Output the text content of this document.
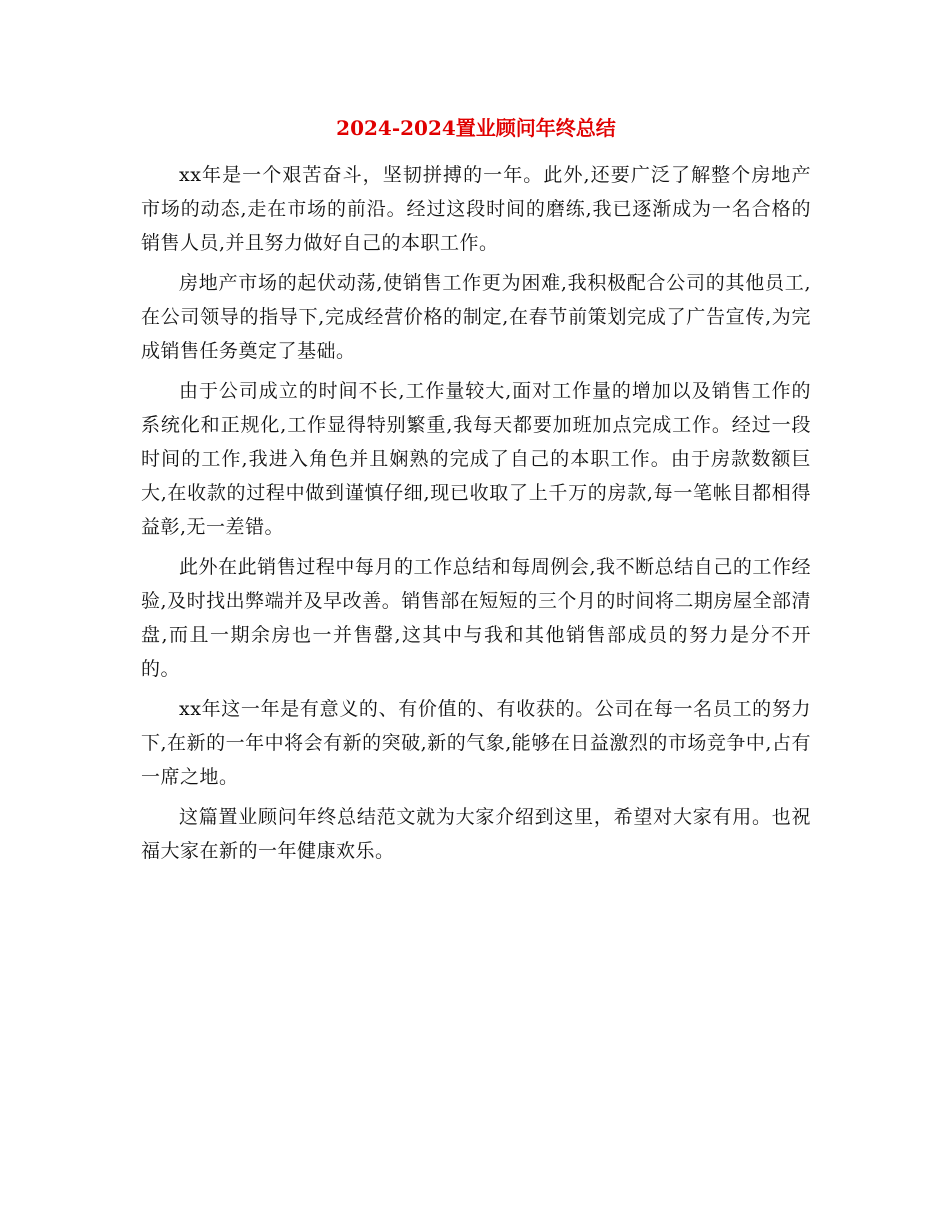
2024-2024置业顾问年终总结

xx年是一个艰苦奋斗，坚韧拼搏的一年。此外,还要广泛了解整个房地产市场的动态,走在市场的前沿。经过这段时间的磨练,我已逐渐成为一名合格的销售人员,并且努力做好自己的本职工作。

房地产市场的起伏动荡,使销售工作更为困难,我积极配合公司的其他员工,在公司领导的指导下,完成经营价格的制定,在春节前策划完成了广告宣传,为完成销售任务奠定了基础。

由于公司成立的时间不长,工作量较大,面对工作量的增加以及销售工作的系统化和正规化,工作显得特别繁重,我每天都要加班加点完成工作。经过一段时间的工作,我进入角色并且娴熟的完成了自己的本职工作。由于房款数额巨大,在收款的过程中做到谨慎仔细,现已收取了上千万的房款,每一笔帐目都相得益彰,无一差错。

此外在此销售过程中每月的工作总结和每周例会,我不断总结自己的工作经验,及时找出弊端并及早改善。销售部在短短的三个月的时间将二期房屋全部清盘,而且一期余房也一并售罄,这其中与我和其他销售部成员的努力是分不开的。

xx年这一年是有意义的、有价值的、有收获的。公司在每一名员工的努力下,在新的一年中将会有新的突破,新的气象,能够在日益激烈的市场竞争中,占有一席之地。

这篇置业顾问年终总结范文就为大家介绍到这里，希望对大家有用。也祝福大家在新的一年健康欢乐。
